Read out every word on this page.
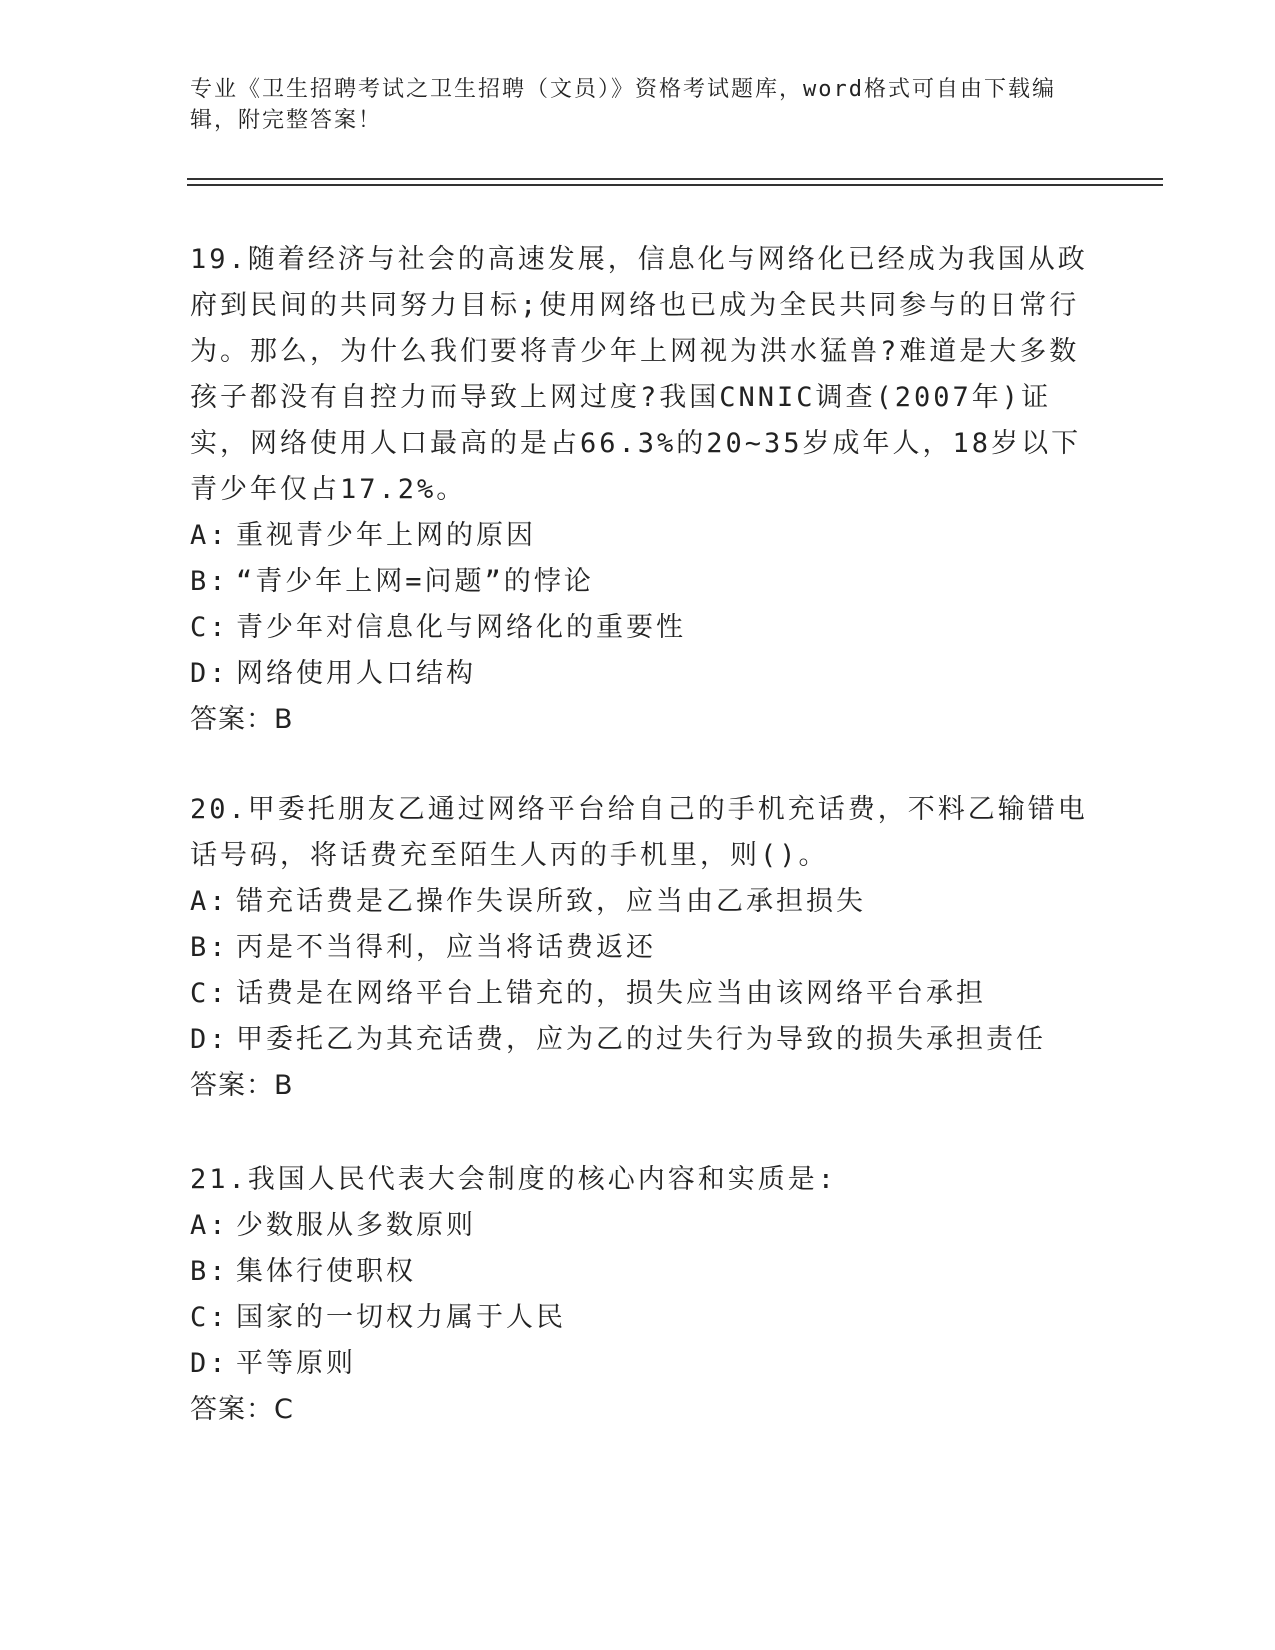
专业《卫生招聘考试之卫生招聘（文员）》资格考试题库，word格式可自由下载编辑，附完整答案！
19.随着经济与社会的高速发展，信息化与网络化已经成为我国从政府到民间的共同努力目标;使用网络也已成为全民共同参与的日常行为。那么，为什么我们要将青少年上网视为洪水猛兽?难道是大多数孩子都没有自控力而导致上网过度?我国CNNIC调查(2007年)证实，网络使用人口最高的是占66.3%的20~35岁成年人，18岁以下青少年仅占17.2%。
A: 重视青少年上网的原因
B: “青少年上网=问题”的悖论
C: 青少年对信息化与网络化的重要性
D: 网络使用人口结构
答案：B
20.甲委托朋友乙通过网络平台给自己的手机充话费，不料乙输错电话号码，将话费充至陌生人丙的手机里，则()。
A: 错充话费是乙操作失误所致，应当由乙承担损失
B: 丙是不当得利，应当将话费返还
C: 话费是在网络平台上错充的，损失应当由该网络平台承担
D: 甲委托乙为其充话费，应为乙的过失行为导致的损失承担责任
答案：B
21.我国人民代表大会制度的核心内容和实质是:
A: 少数服从多数原则
B: 集体行使职权
C: 国家的一切权力属于人民
D: 平等原则
答案：C
